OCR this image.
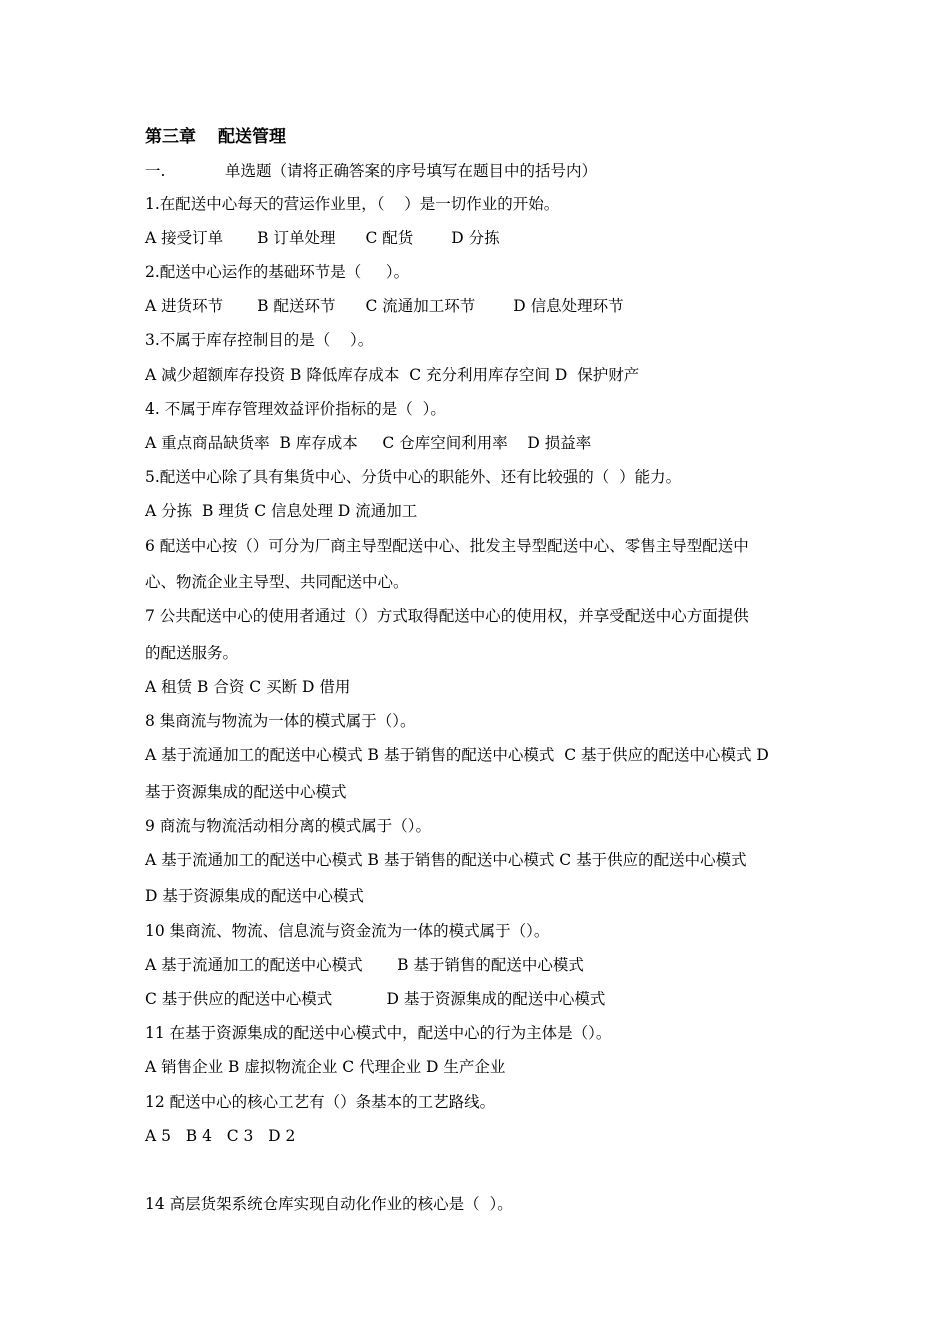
第三章 配送管理
一.	单选题（请将正确答案的序号填写在题目中的括号内）
1.在配送中心每天的营运作业里，（    ）是一切作业的开始。
A 接受订单 B 订单处理 C 配货 D 分拣
2.配送中心运作的基础环节是（     ）。
A 进货环节 B 配送环节 C 流通加工环节 D 信息处理环节
3.不属于库存控制目的是（    ）。
A 减少超额库存投资 B 降低库存成本  C 充分利用库存空间 D  保护财产
4. 不属于库存管理效益评价指标的是（  ）。
A 重点商品缺货率  B 库存成本     C 仓库空间利用率    D 损益率
5.配送中心除了具有集货中心、分货中心的职能外、还有比较强的（  ）能力。
A 分拣  B 理货 C 信息处理 D 流通加工
6 配送中心按（）可分为厂商主导型配送中心、批发主导型配送中心、零售主导型配送中
心、物流企业主导型、共同配送中心。
7 公共配送中心的使用者通过（）方式取得配送中心的使用权，并享受配送中心方面提供
的配送服务。
A 租赁 B 合资 C 买断 D 借用
8 集商流与物流为一体的模式属于（）。
A 基于流通加工的配送中心模式 B 基于销售的配送中心模式  C 基于供应的配送中心模式 D
基于资源集成的配送中心模式
9 商流与物流活动相分离的模式属于（）。
A 基于流通加工的配送中心模式 B 基于销售的配送中心模式 C 基于供应的配送中心模式
D 基于资源集成的配送中心模式
10 集商流、物流、信息流与资金流为一体的模式属于（）。
A 基于流通加工的配送中心模式       B 基于销售的配送中心模式
C 基于供应的配送中心模式           D 基于资源集成的配送中心模式
11 在基于资源集成的配送中心模式中，配送中心的行为主体是（）。
A 销售企业 B 虚拟物流企业 C 代理企业 D 生产企业
12 配送中心的核心工艺有（）条基本的工艺路线。
A 5   B 4   C 3   D 2
14 高层货架系统仓库实现自动化作业的核心是（  ）。
